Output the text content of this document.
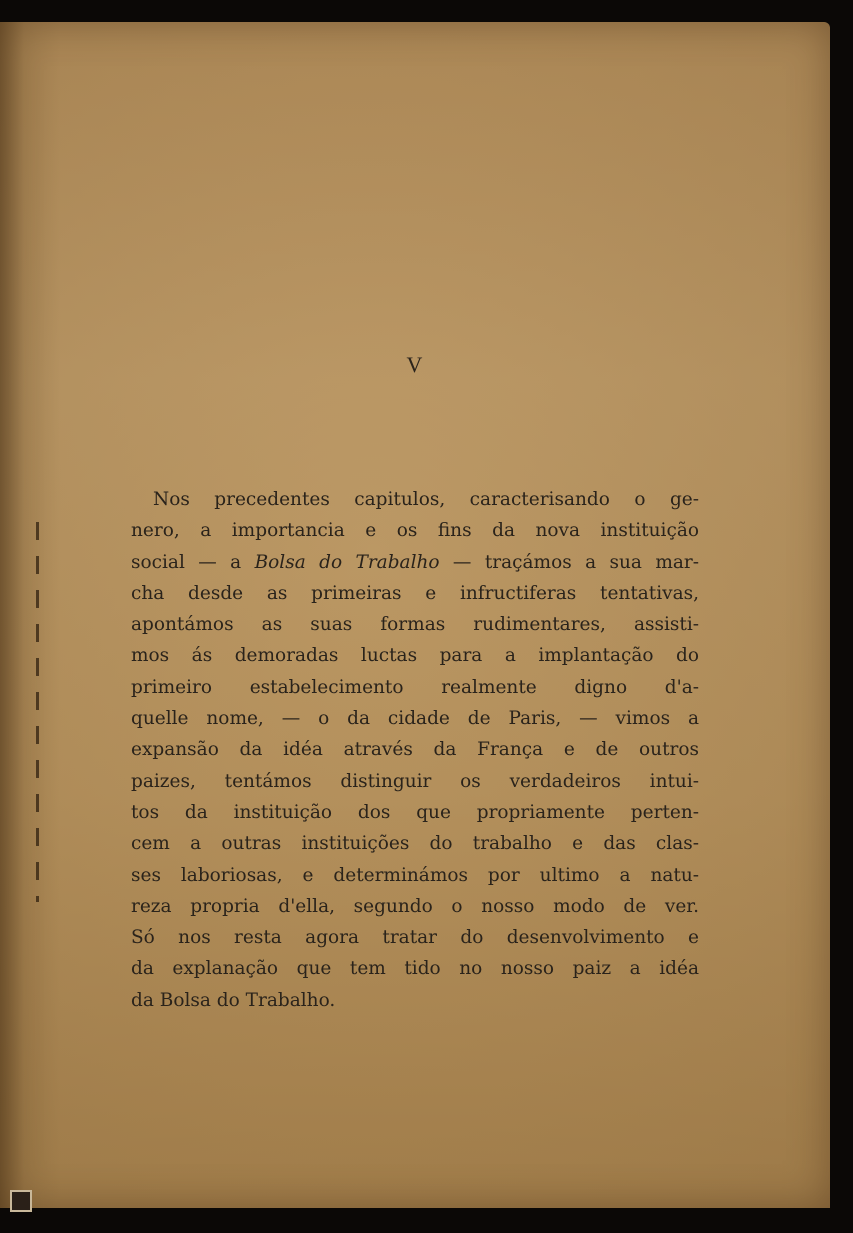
V
Nos precedentes capitulos, caracterisando o ge-
nero, a importancia e os fins da nova instituição
social — a Bolsa do Trabalho — traçámos a sua mar-
cha desde as primeiras e infructiferas tentativas,
apontámos as suas formas rudimentares, assisti-
mos ás demoradas luctas para a implantação do
primeiro estabelecimento realmente digno d'a-
quelle nome, — o da cidade de Paris, — vimos a
expansão da idéa através da França e de outros
paizes, tentámos distinguir os verdadeiros intui-
tos da instituição dos que propriamente perten-
cem a outras instituições do trabalho e das clas-
ses laboriosas, e determinámos por ultimo a natu-
reza propria d'ella, segundo o nosso modo de ver.
Só nos resta agora tratar do desenvolvimento e
da explanação que tem tido no nosso paiz a idéa
da Bolsa do Trabalho.
